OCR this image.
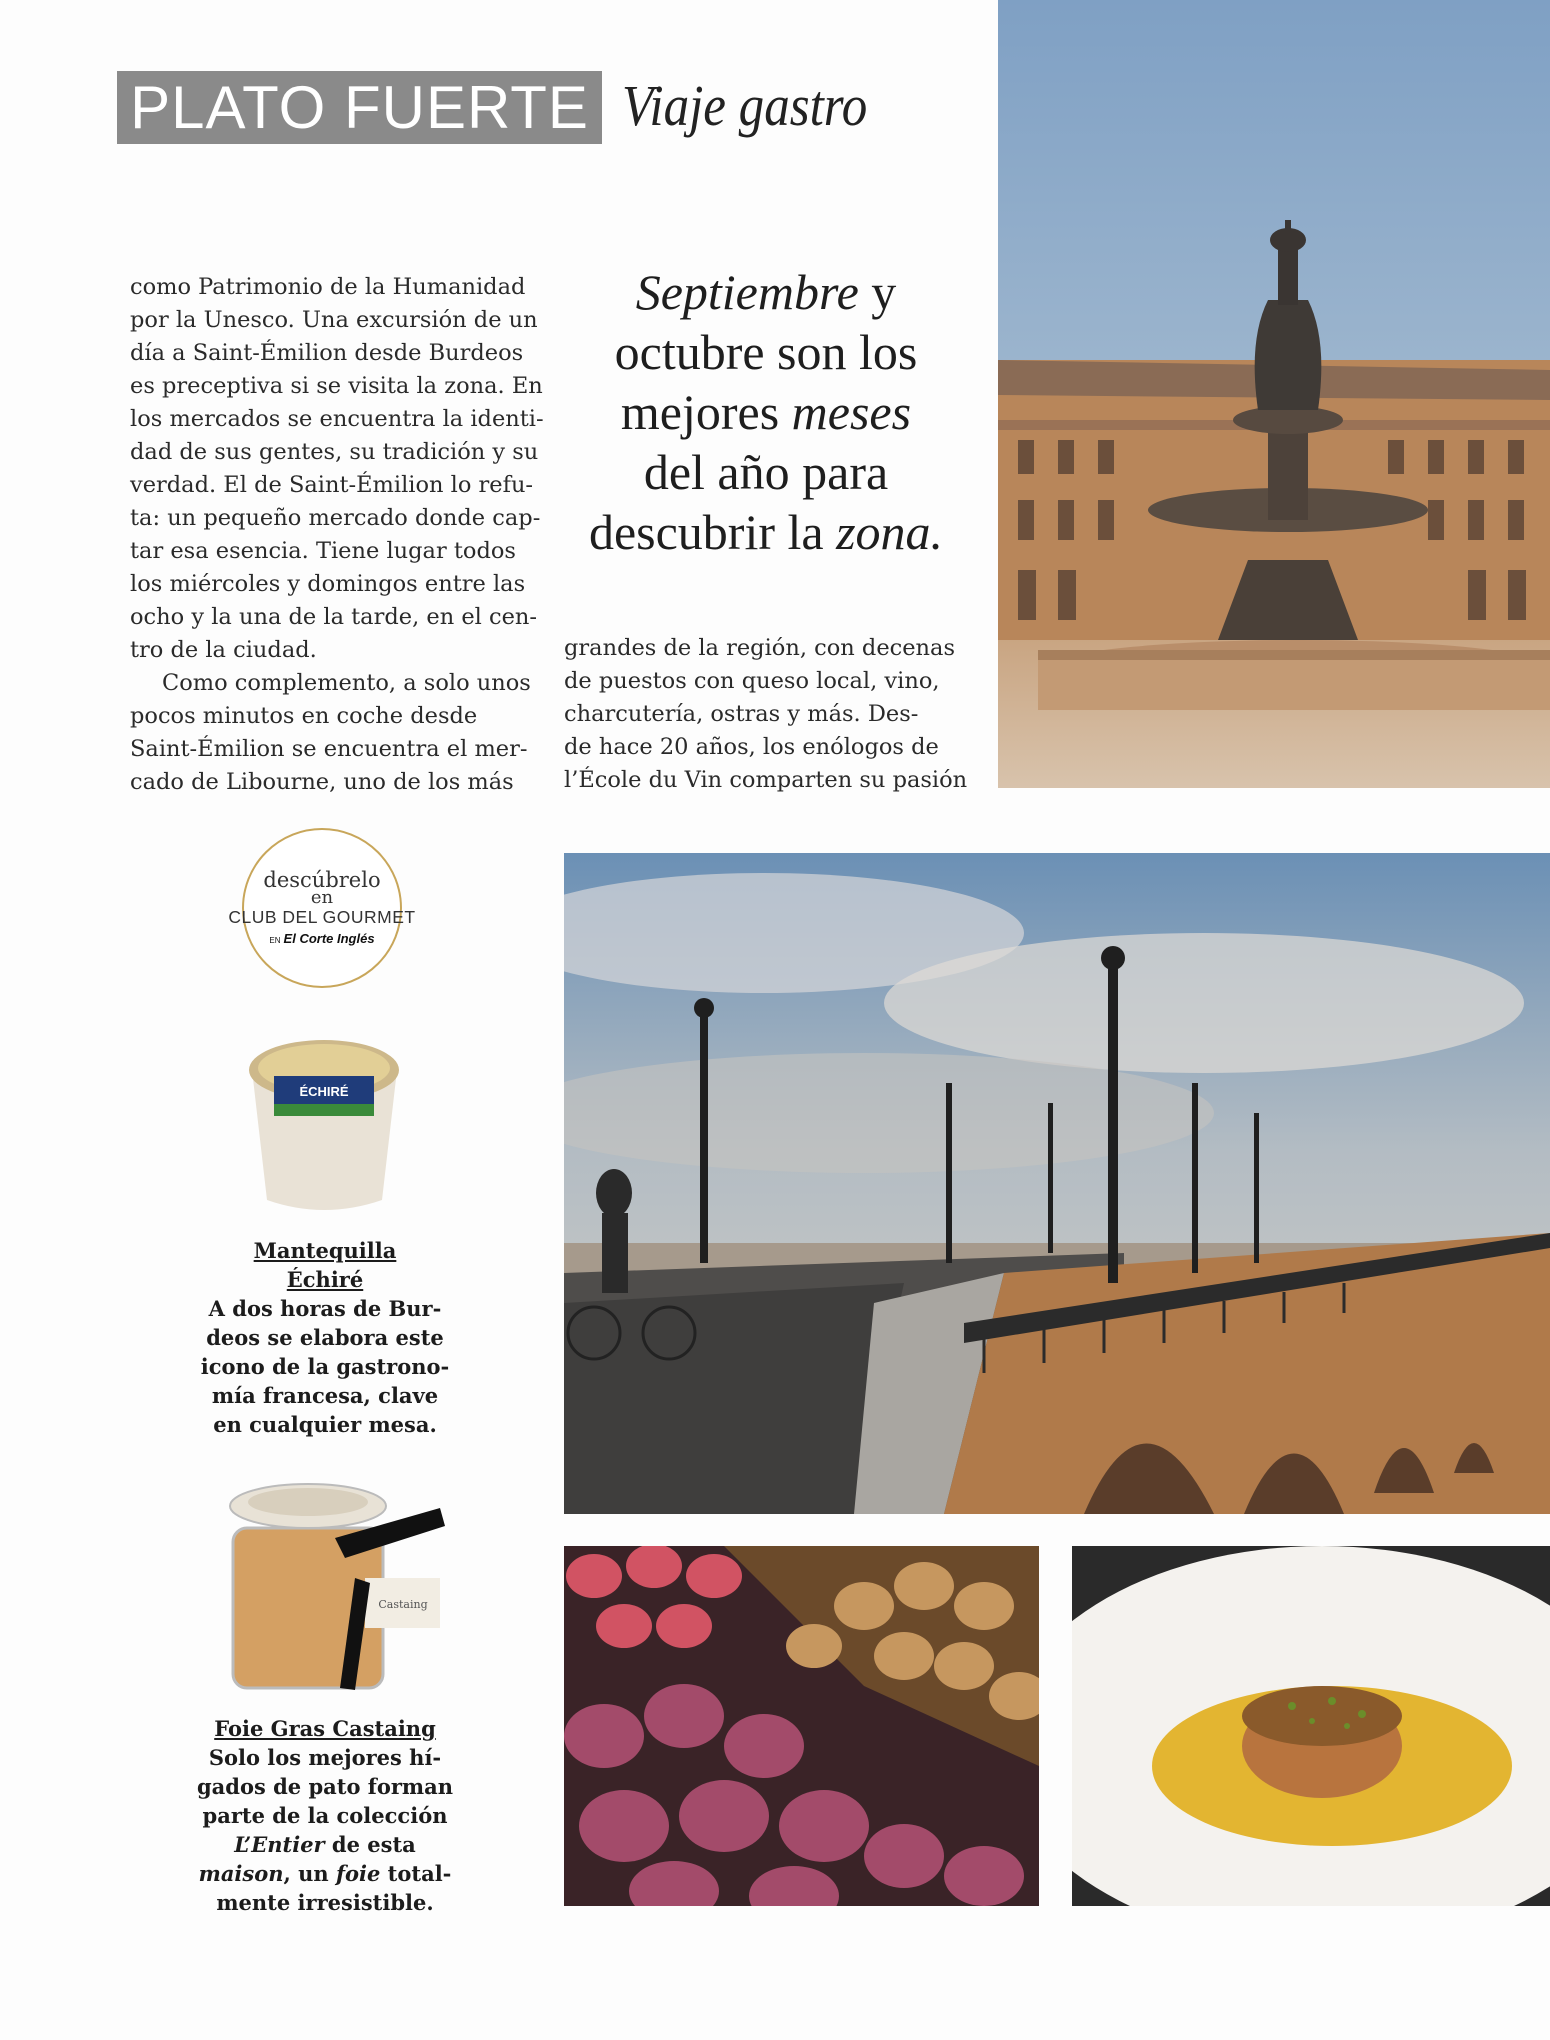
PLATO FUERTE Viaje gastro

como Patrimonio de la Humanidad

por la Unesco. Una excursión de un

día a Saint-Émilion desde Burdeos

es preceptiva si se visita la zona. En

los mercados se encuentra la identi-

dad de sus gentes, su tradición y su

verdad. El de Saint-Émilion lo refu-

ta: un pequeño mercado donde cap-

tar esa esencia. Tiene lugar todos

los miércoles y domingos entre las

ocho y la una de la tarde, en el cen-

tro de la ciudad.

Como complemento, a solo unos

pocos minutos en coche desde

Saint-Émilion se encuentra el mer-

cado de Libourne, uno de los más

Septiembre y
octubre son los
mejores meses
del año para
descubrir la zona.

grandes de la región, con decenas

de puestos con queso local, vino,

charcutería, ostras y más. Des-

de hace 20 años, los enólogos de

l’École du Vin comparten su pasión

descúbrelo
en
CLUB DEL GOURMET
EN El Corte Inglés
ÉCHIRÉ
Mantequilla
Échiré

A dos horas de Bur-

deos se elabora este

icono de la gastrono-

mía francesa, clave

en cualquier mesa.

Castaing
Foie Gras Castaing

Solo los mejores hí-

gados de pato forman

parte de la colección

L’Entier de esta

maison, un foie total-

mente irresistible.
